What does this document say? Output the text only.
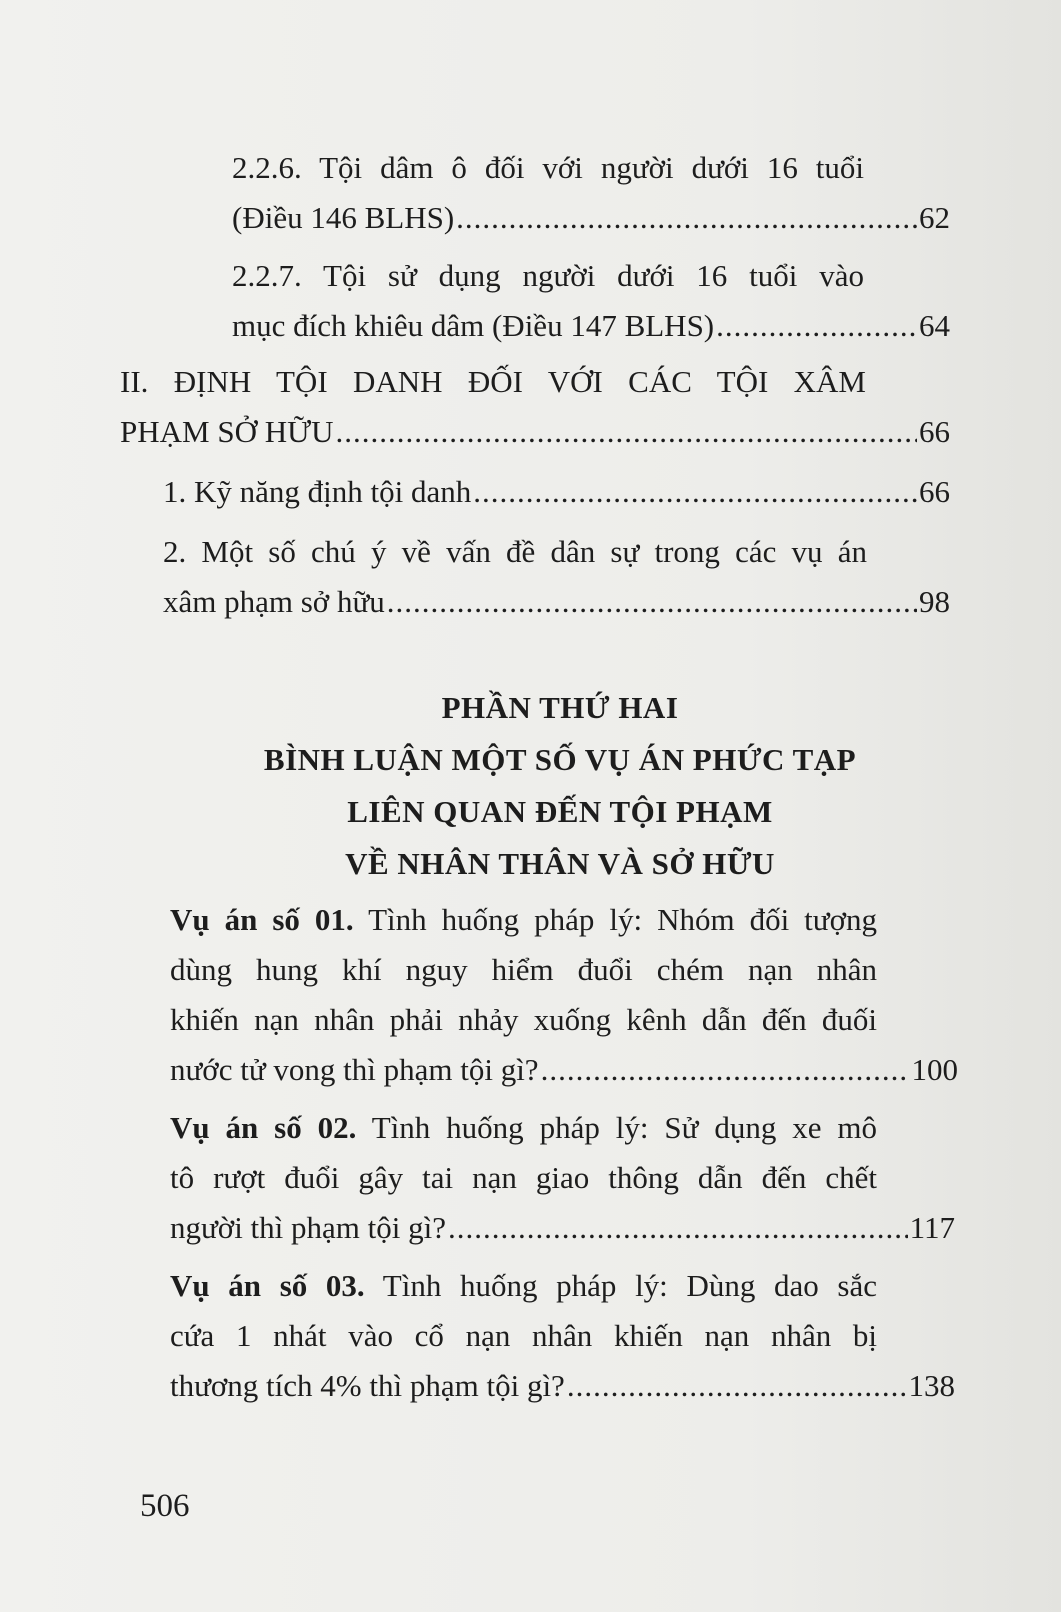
2.2.6. Tội dâm ô đối với người dưới 16 tuổi
(Điều 146 BLHS) .....	62
2.2.7. Tội sử dụng người dưới 16 tuổi vào
mục đích khiêu dâm (Điều 147 BLHS) .....	64
II. ĐỊNH TỘI DANH ĐỐI VỚI CÁC TỘI XÂM
PHẠM SỞ HỮU .....	66
1. Kỹ năng định tội danh .....	66
2. Một số chú ý về vấn đề dân sự trong các vụ án
xâm phạm sở hữu .....	98
PHẦN THỨ HAI
BÌNH LUẬN MỘT SỐ VỤ ÁN PHỨC TẠP
LIÊN QUAN ĐẾN TỘI PHẠM
VỀ NHÂN THÂN VÀ SỞ HỮU
Vụ án số 01. Tình huống pháp lý: Nhóm đối tượng
dùng hung khí nguy hiểm đuổi chém nạn nhân
khiến nạn nhân phải nhảy xuống kênh dẫn đến đuối
nước tử vong thì phạm tội gì? .....	100
Vụ án số 02. Tình huống pháp lý: Sử dụng xe mô
tô rượt đuổi gây tai nạn giao thông dẫn đến chết
người thì phạm tội gì? .....	117
Vụ án số 03. Tình huống pháp lý: Dùng dao sắc
cứa 1 nhát vào cổ nạn nhân khiến nạn nhân bị
thương tích 4% thì phạm tội gì? .....	138
506
